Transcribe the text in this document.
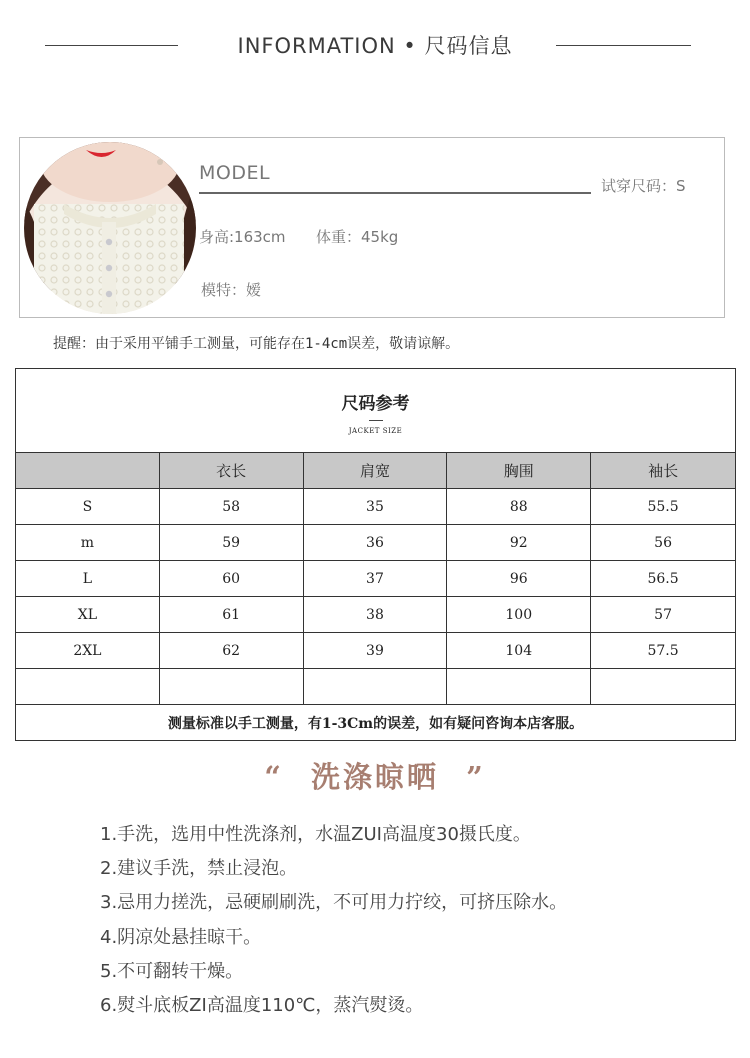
INFORMATION • 尺码信息
MODEL
试穿尺码：S
身高:163cm 体重：45kg
模特：嫒
提醒：由于采用平铺手工测量，可能存在1-4cm误差，敬请谅解。
尺码参考
JACKET SIZE				

	衣长	肩宽	胸围	袖长
S	58	35	88	55.5
m	59	36	92	56
L	60	37	96	56.5
XL	61	38	100	57
2XL	62	39	104	57.5

测量标准以手工测量，有1-3Cm的误差，如有疑问咨询本店客服。				
“ 洗涤晾晒 ”
1.手洗，选用中性洗涤剂，水温ZUI高温度30摄氏度。
2.建议手洗，禁止浸泡。
3.忌用力搓洗，忌硬刷刷洗，不可用力拧绞，可挤压除水。
4.阴凉处悬挂晾干。
5.不可翻转干燥。
6.熨斗底板ZI高温度110℃，蒸汽熨烫。
